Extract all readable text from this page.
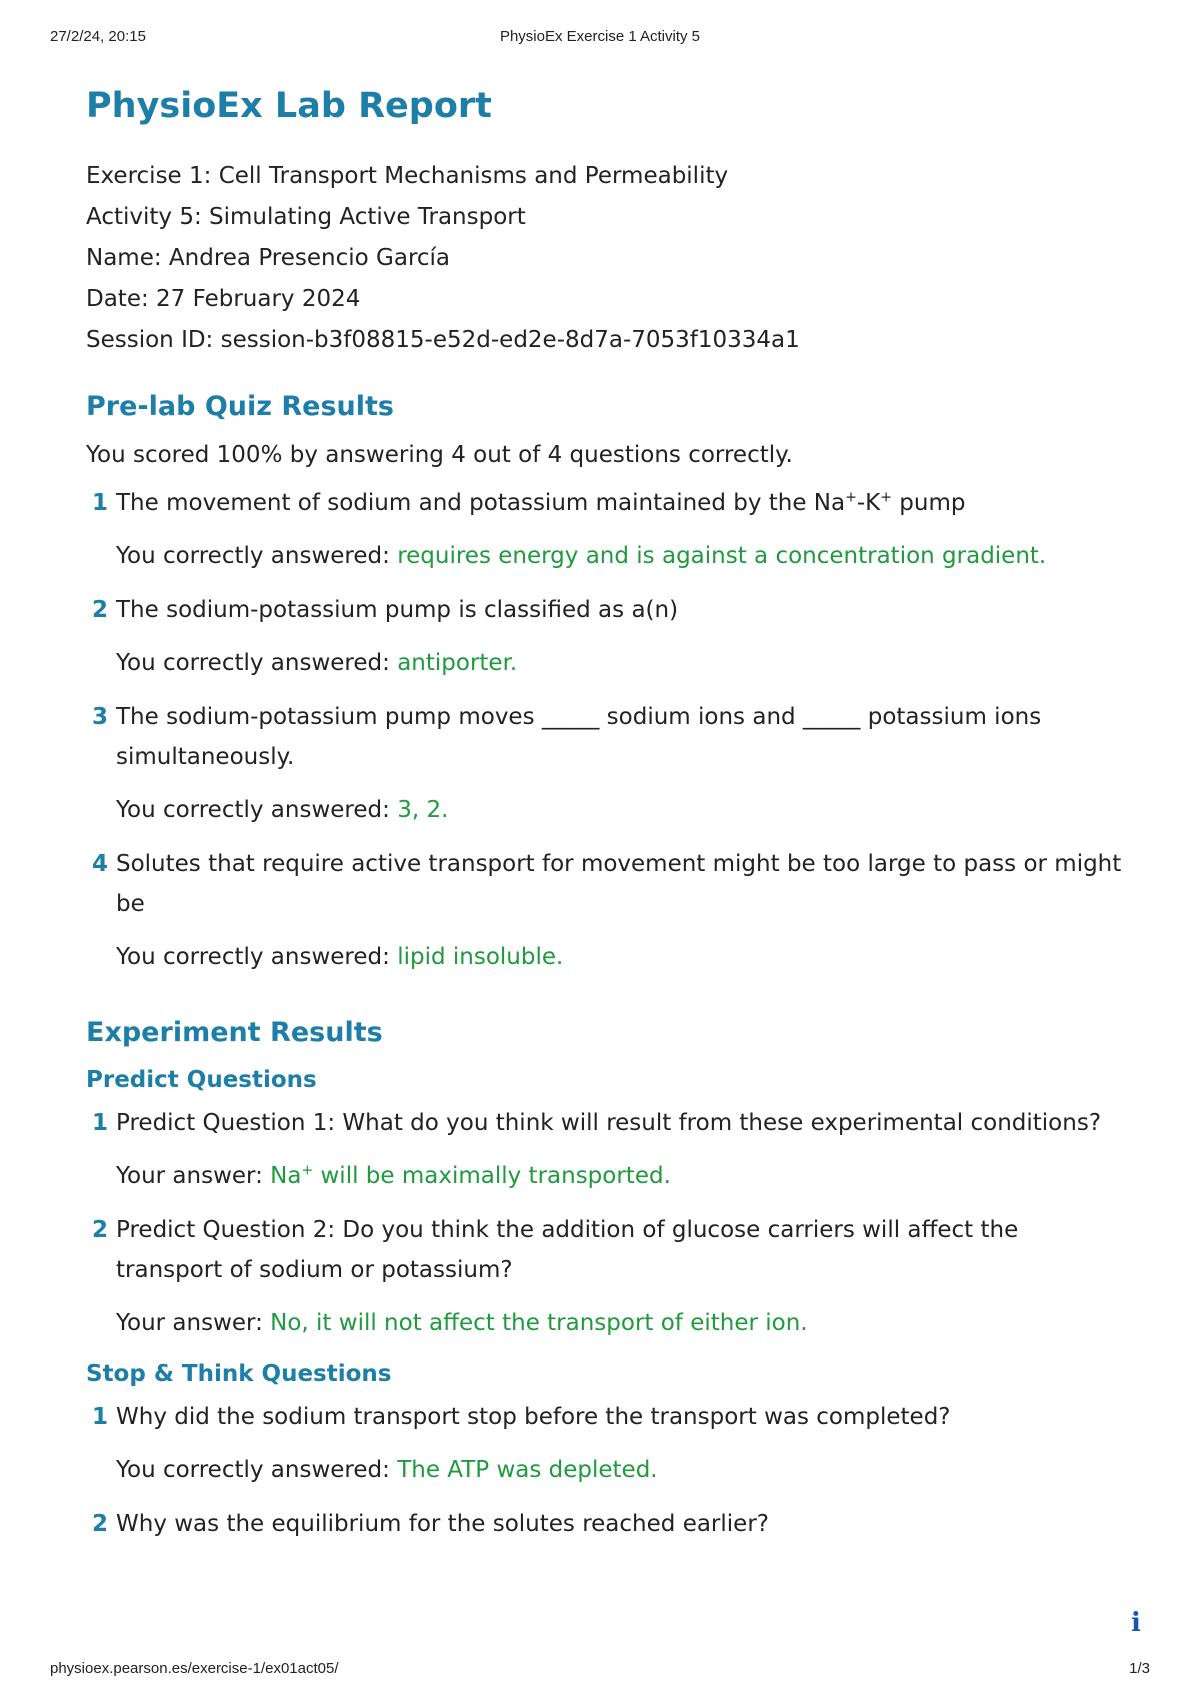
27/2/24, 20:15	PhysioEx Exercise 1 Activity 5
PhysioEx Lab Report
Exercise 1: Cell Transport Mechanisms and Permeability
Activity 5: Simulating Active Transport
Name: Andrea Presencio García
Date: 27 February 2024
Session ID: session-b3f08815-e52d-ed2e-8d7a-7053f10334a1
Pre-lab Quiz Results
You scored 100% by answering 4 out of 4 questions correctly.
1 The movement of sodium and potassium maintained by the Na+-K+ pump
You correctly answered: requires energy and is against a concentration gradient.
2 The sodium-potassium pump is classified as a(n)
You correctly answered: antiporter.
3 The sodium-potassium pump moves _____ sodium ions and _____ potassium ions simultaneously.
You correctly answered: 3, 2.
4 Solutes that require active transport for movement might be too large to pass or might be
You correctly answered: lipid insoluble.
Experiment Results
Predict Questions
1 Predict Question 1: What do you think will result from these experimental conditions?
Your answer: Na+ will be maximally transported.
2 Predict Question 2: Do you think the addition of glucose carriers will affect the transport of sodium or potassium?
Your answer: No, it will not affect the transport of either ion.
Stop & Think Questions
1 Why did the sodium transport stop before the transport was completed?
You correctly answered: The ATP was depleted.
2 Why was the equilibrium for the solutes reached earlier?
i
physioex.pearson.es/exercise-1/ex01act05/	1/3
